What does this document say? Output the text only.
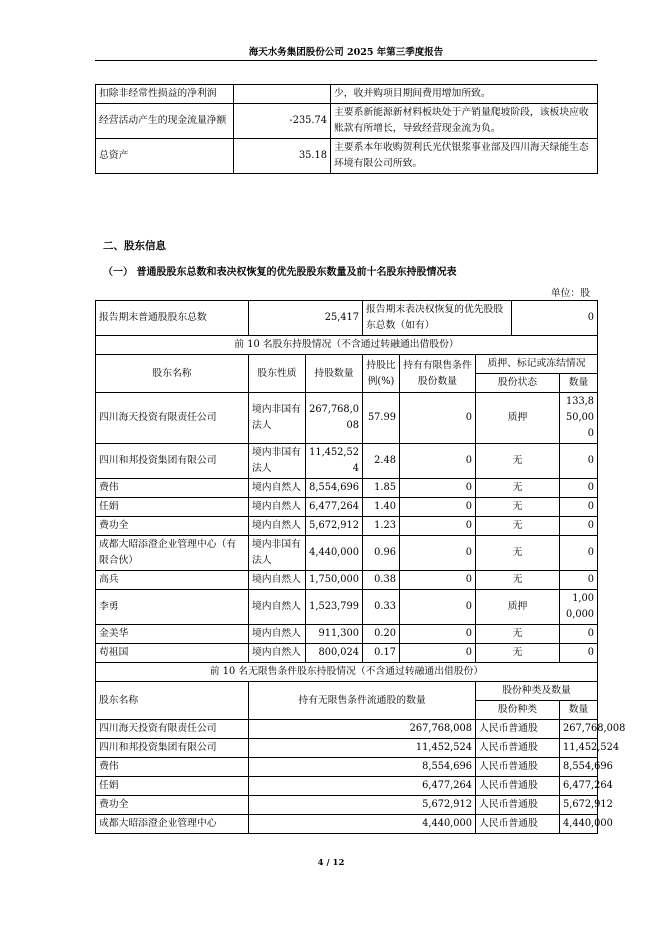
海天水务集团股份公司 2025 年第三季度报告
扣除非经常性损益的净利润		少，收并购项目期间费用增加所致。
经营活动产生的现金流量净额	-235.74	主要系新能源新材料板块处于产销量爬坡阶段，该板块应收账款有所增长，导致经营现金流为负。
总资产	35.18	主要系本年收购贺利氏光伏银浆事业部及四川海天绿能生态环境有限公司所致。
二、股东信息
（一） 普通股股东总数和表决权恢复的优先股股东数量及前十名股东持股情况表
单位：股
报告期末普通股股东总数	25,417		报告期末表决权恢复的优先股股东总数（如有）			0	
前 10 名股东持股情况（不含通过转融通出借股份）							
股东名称	股东性质	持股数量	持股比例(%)	持有有限售条件股份数量	质押、标记或冻结情况		
					股份状态		数量
四川海天投资有限责任公司	境内非国有法人	267,768,008	57.99	0	质押		133,850,000
四川和邦投资集团有限公司	境内非国有法人	11,452,524	2.48	0	无		0
费伟	境内自然人	8,554,696	1.85	0	无		0
任娟	境内自然人	6,477,264	1.40	0	无		0
费功全	境内自然人	5,672,912	1.23	0	无		0
成都大昭添澄企业管理中心（有限合伙）	境内非国有法人	4,440,000	0.96	0	无		0
高兵	境内自然人	1,750,000	0.38	0	无		0
李勇	境内自然人	1,523,799	0.33	0	质押		1,000,000
金美华	境内自然人	911,300	0.20	0	无		0
苟祖国	境内自然人	800,024	0.17	0	无		0
前 10 名无限售条件股东持股情况（不含通过转融通出借股份）							
股东名称	持有无限售条件流通股的数量				股份种类及数量		
					股份种类		数量
四川海天投资有限责任公司	267,768,008				人民币普通股		267,768,008
四川和邦投资集团有限公司	11,452,524				人民币普通股		11,452,524
费伟	8,554,696				人民币普通股		8,554,696
任娟	6,477,264				人民币普通股		6,477,264
费功全	5,672,912				人民币普通股		5,672,912
成都大昭添澄企业管理中心	4,440,000				人民币普通股		4,440,000
4 / 12
